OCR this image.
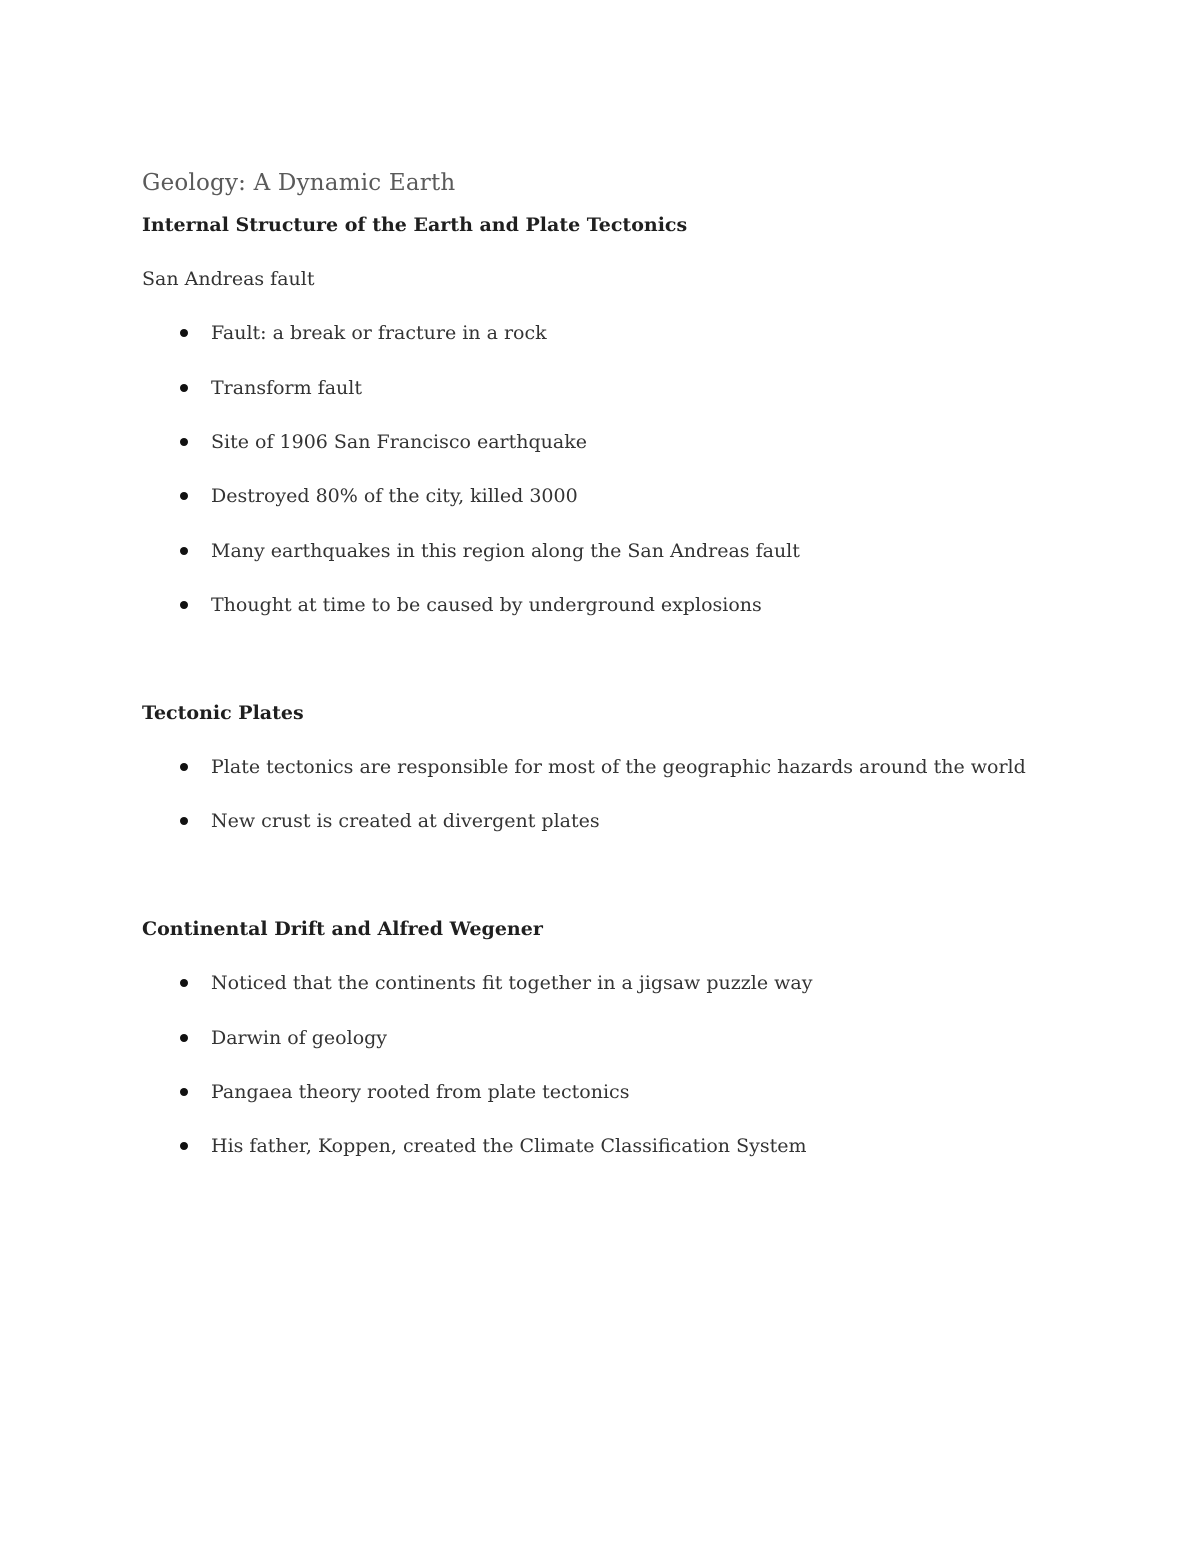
Geology: A Dynamic Earth
Internal Structure of the Earth and Plate Tectonics
San Andreas fault
Fault: a break or fracture in a rock
Transform fault
Site of 1906 San Francisco earthquake
Destroyed 80% of the city, killed 3000
Many earthquakes in this region along the San Andreas fault
Thought at time to be caused by underground explosions
Tectonic Plates
Plate tectonics are responsible for most of the geographic hazards around the world
New crust is created at divergent plates
Continental Drift and Alfred Wegener
Noticed that the continents fit together in a jigsaw puzzle way
Darwin of geology
Pangaea theory rooted from plate tectonics
His father, Koppen, created the Climate Classification System
